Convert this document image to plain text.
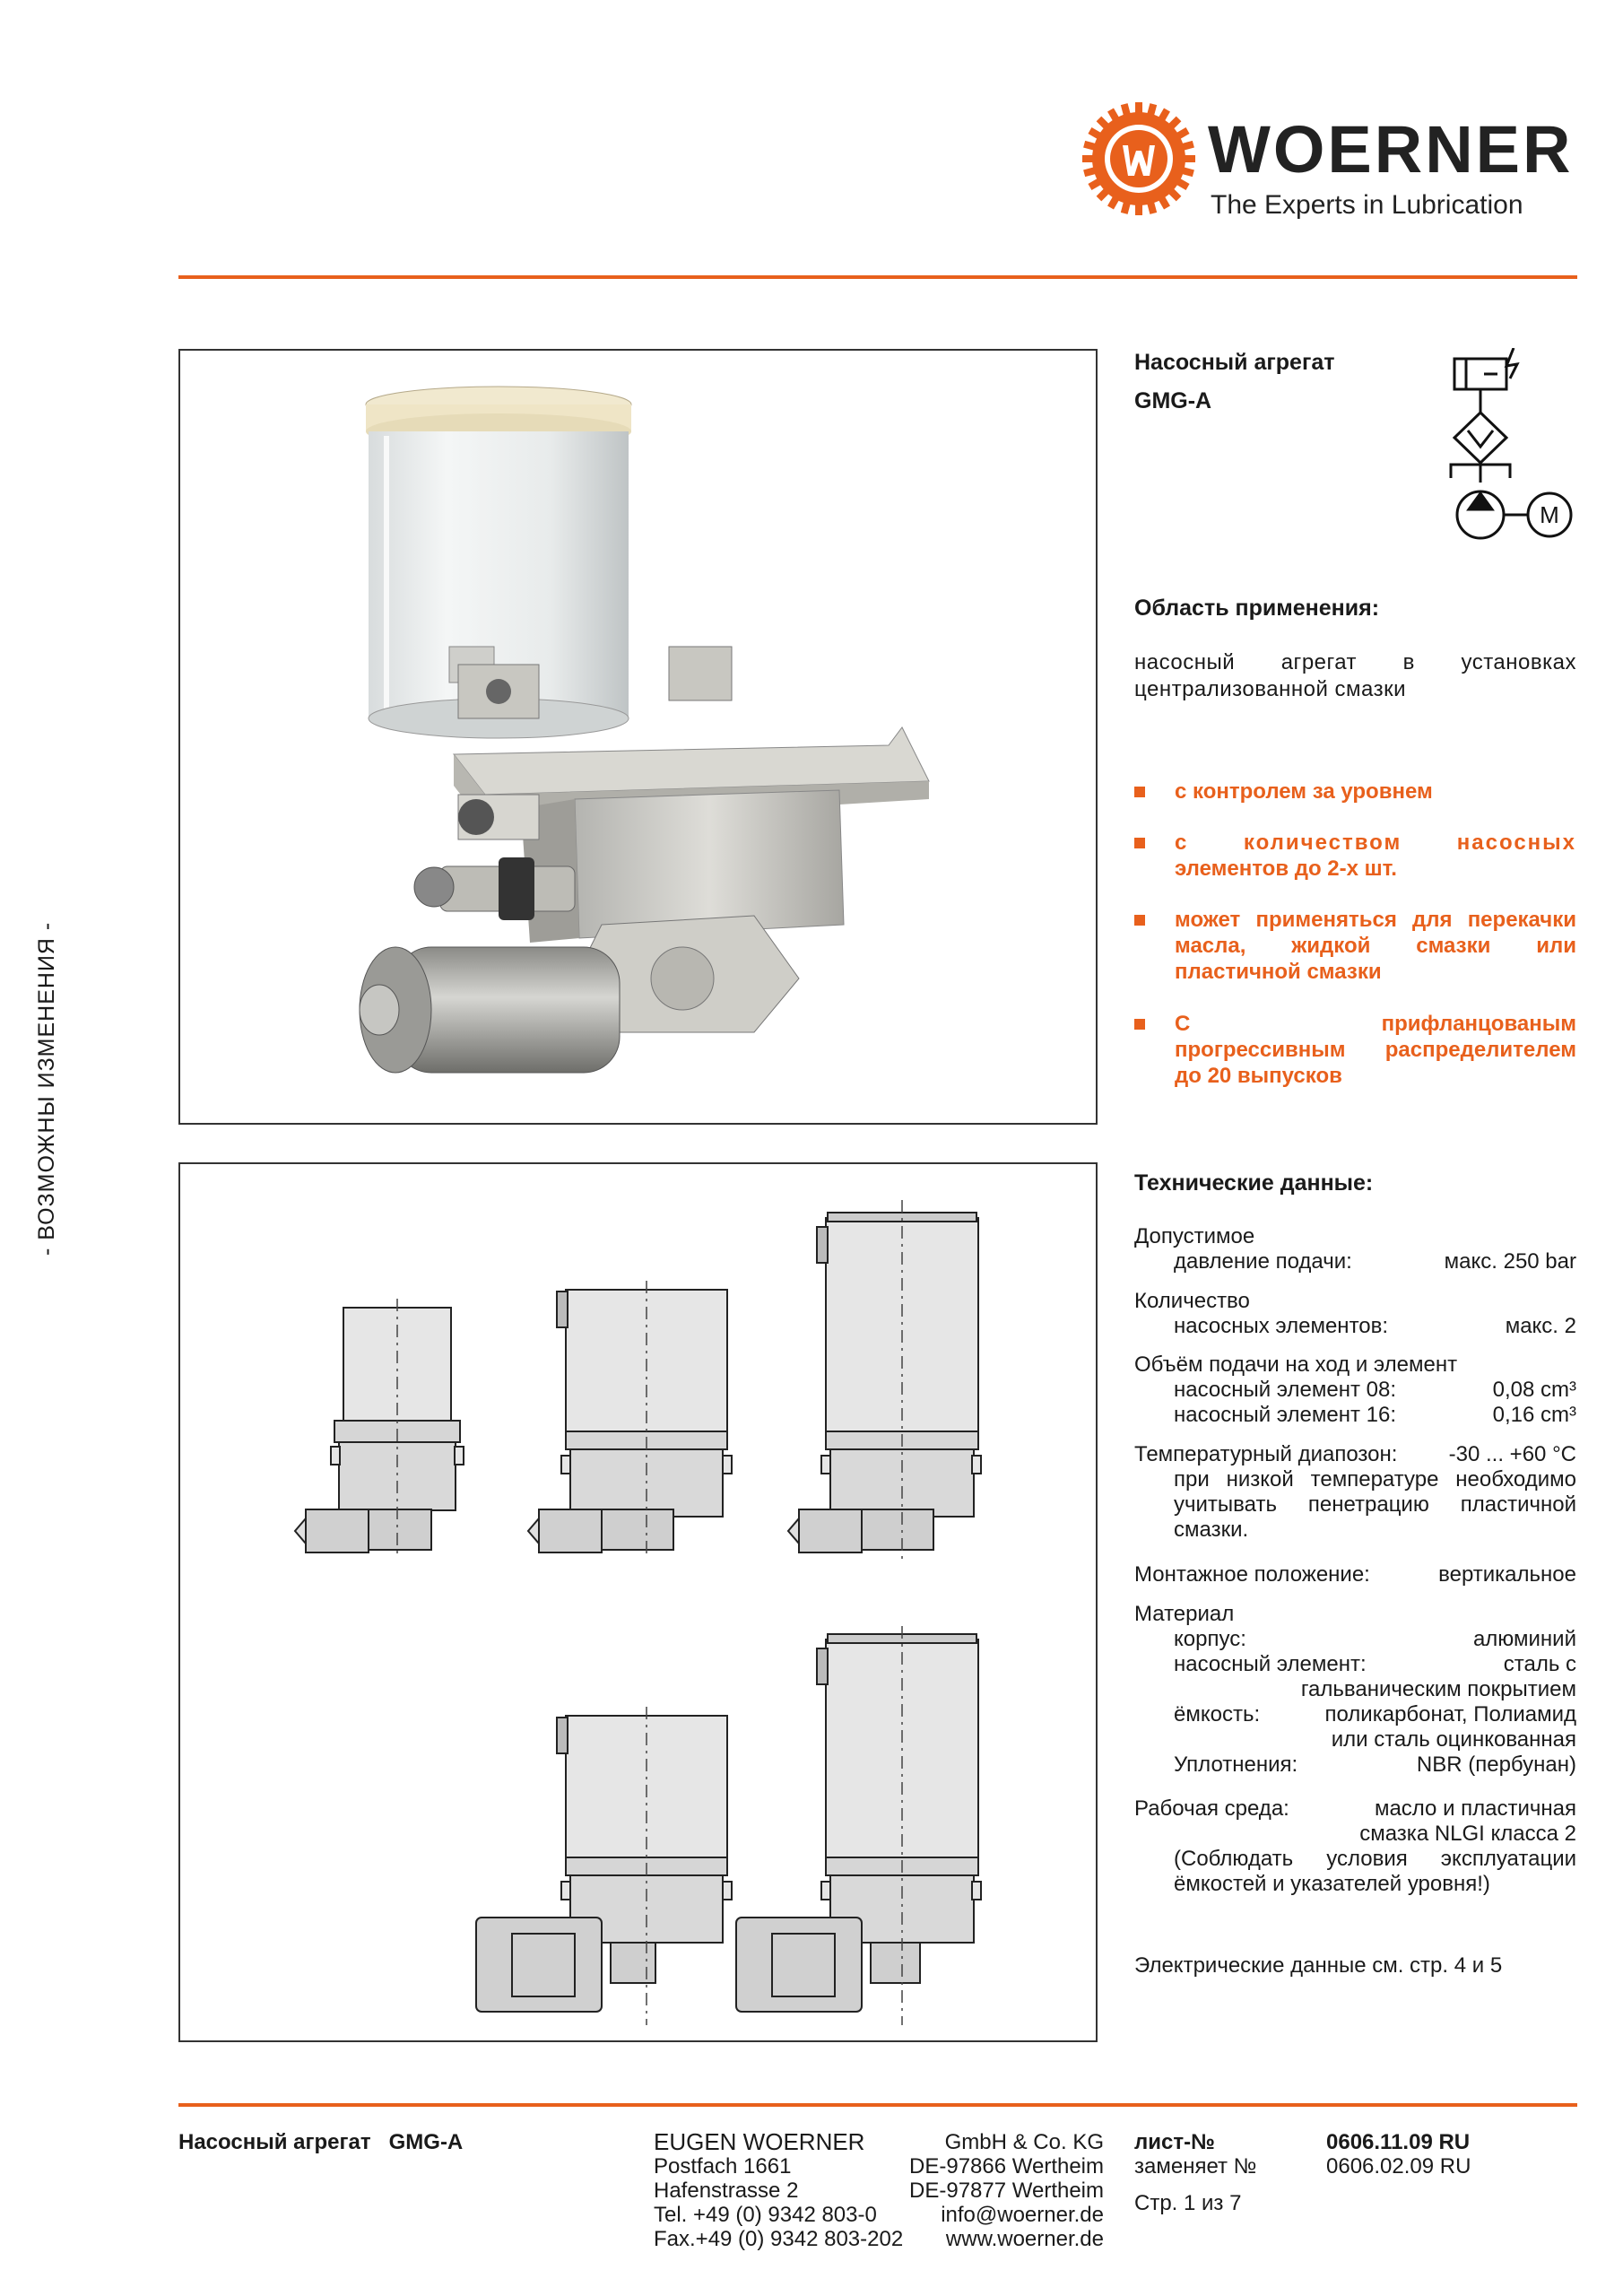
WOERNER
The Experts in Lubrication
- ВОЗМОЖНЫ ИЗМЕНЕНИЯ -
Насосный агрегат
GMG-A
M
Область применения:
насосный агрегат в установках централизованной смазки
с контролем за уровнем
с количеством насосных
элементов до 2-х шт.
может применяться для перекачки
масла, жидкой смазки или
пластичной смазки
С прифланцованым
прогрессивным распределителем
до 20 выпусков
Технические данные:
Допустимое
давление подачи:	макс. 250 bar
Количество
насосных элементов:	макс. 2
Объём подачи на ход и элемент
насосный элемент 08:	0,08 cm³
насосный элемент 16:	0,16 cm³
Температурный диапозон: -30 ... +60 °C
при низкой температуре необходимо
учитывать пенетрацию пластичной
смазки.
Монтажное положение:	вертикальное
Материал
корпус:	алюминий
насосный элемент:	сталь с
гальваническим покрытием
ёмкость:	поликарбонат, Полиамид
или сталь оцинкованная
Уплотнения:	NBR (пербунан)
Рабочая среда:	масло и пластичная
смазка NLGI класса 2
(Соблюдать условия эксплуатации
ёмкостей и указателей уровня!)
Электрические данные см. стр. 4 и 5
Насосный агрегат GMG-A	EUGEN WOERNER	GmbH & Co. KG
Postfach 1661	DE-97866 Wertheim
Hafenstrasse 2	DE-97877 Wertheim
Tel. +49 (0) 9342 803-0	info@woerner.de
Fax.+49 (0) 9342 803-202 www.woerner.de
лист-№	0606.11.09 RU
заменяет №	0606.02.09 RU
Стр. 1 из 7
